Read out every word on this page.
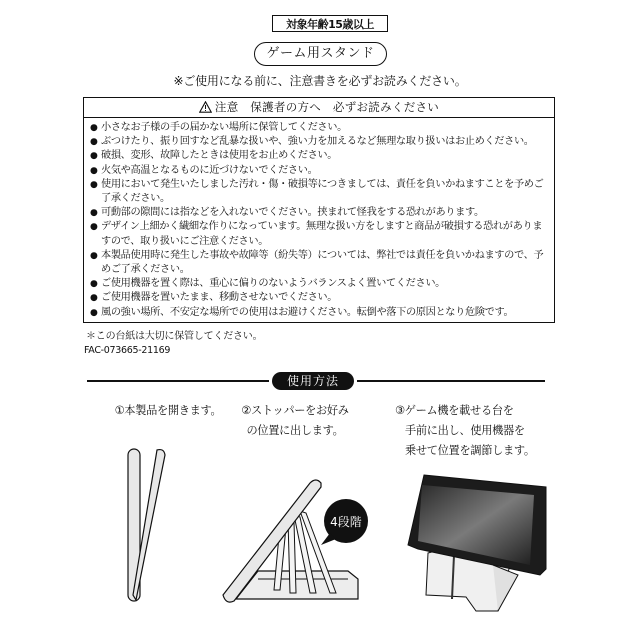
対象年齢15歳以上
ゲーム用スタンド
※ご使用になる前に、注意書きを必ずお読みください。
注意　保護者の方へ　必ずお読みください
● 小さなお子様の手の届かない場所に保管してください。
● ぶつけたり、振り回すなど乱暴な扱いや、強い力を加えるなど無理な取り扱いはお止めください。
● 破損、変形、故障したときは使用をお止めください。
● 火気や高温となるものに近づけないでください。
● 使用において発生いたしました汚れ・傷・破損等につきましては、責任を負いかねますことを予めご了承ください。
● 可動部の隙間には指などを入れないでください。挟まれて怪我をする恐れがあります。
● デザイン上細かく繊細な作りになっています。無理な扱い方をしますと商品が破損する恐れがありますので、取り扱いにご注意ください。
● 本製品使用時に発生した事故や故障等（紛失等）については、弊社では責任を負いかねますので、予めご了承ください。
● ご使用機器を置く際は、重心に偏りのないようバランスよく置いてください。
● ご使用機器を置いたまま、移動させないでください。
● 風の強い場所、不安定な場所での使用はお避けください。転倒や落下の原因となり危険です。
＊この台紙は大切に保管してください。
FAC-073665-21169
使用方法
①本製品を開きます。	②ストッパーをお好み
の位置に出します。
③ゲーム機を載せる台を
手前に出し、使用機器を
乗せて位置を調節します。
4段階
